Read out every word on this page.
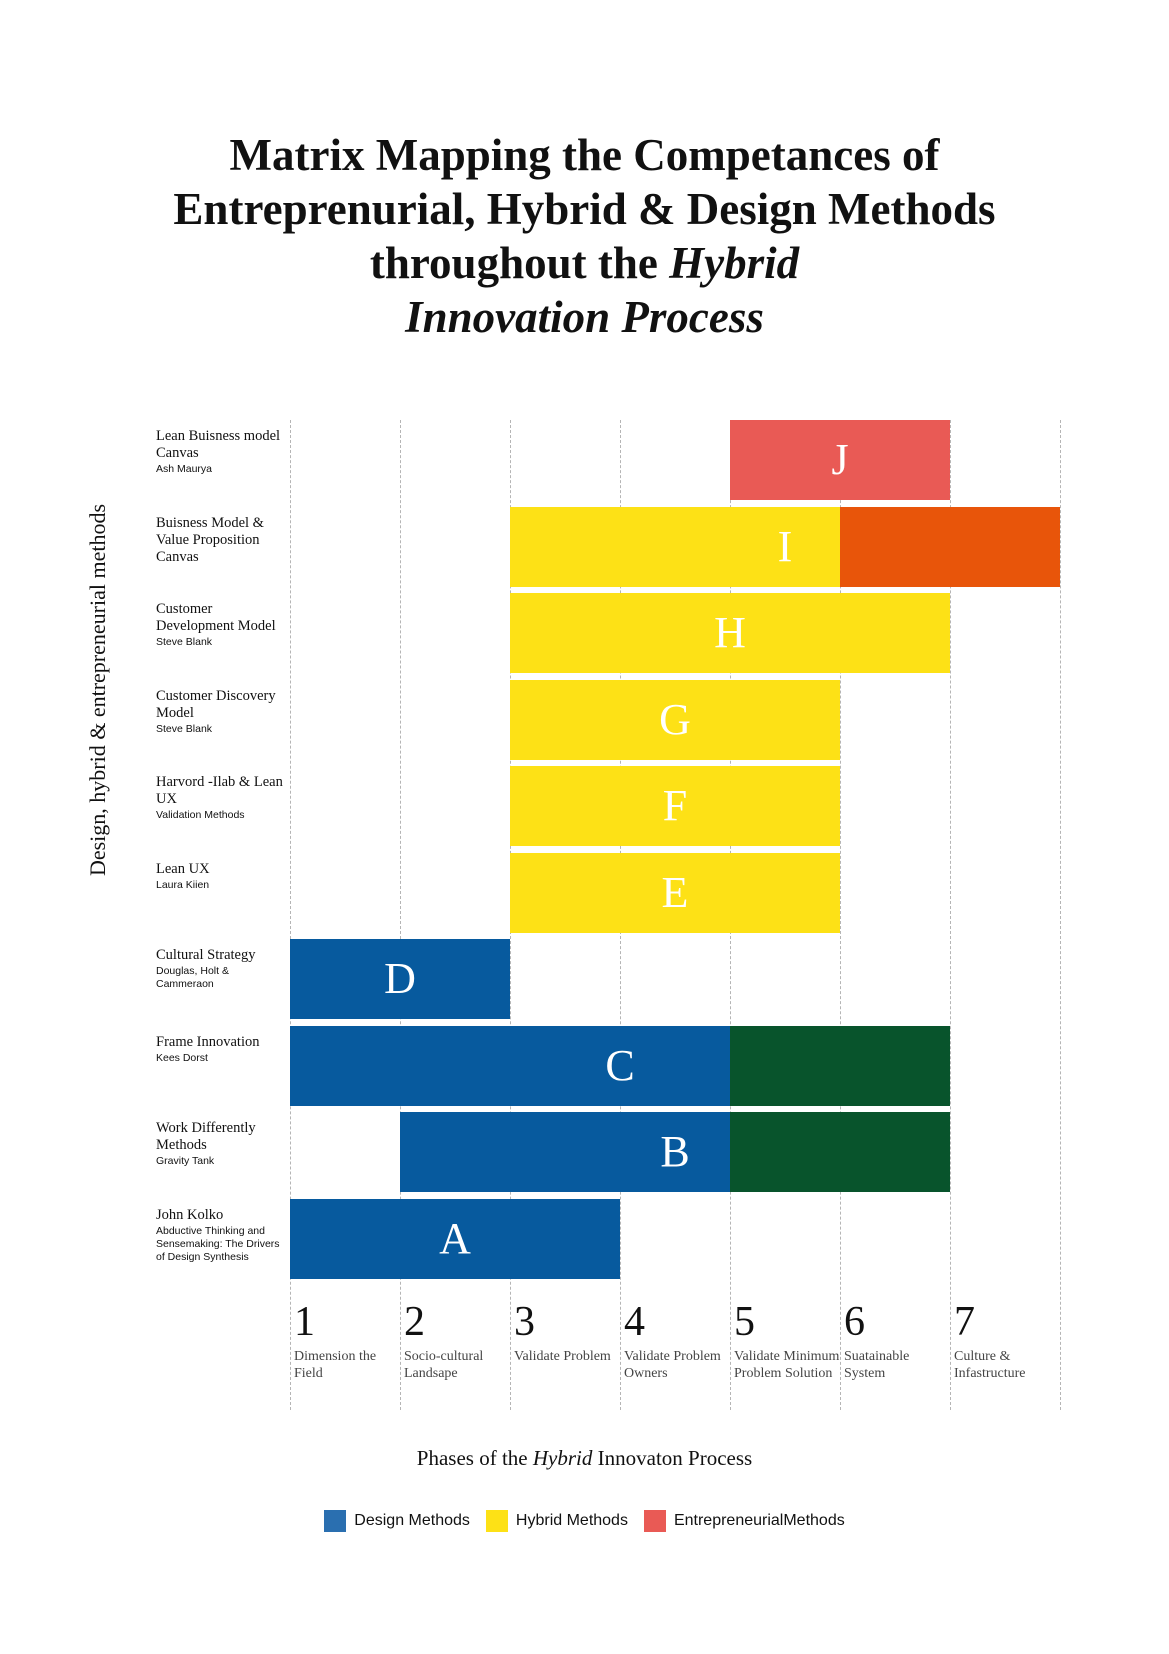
Matrix Mapping the Competances of
Entreprenurial, Hybrid & Design Methods
throughout the Hybrid
Innovation Process
Design, hybrid & entrepreneurial methods
Lean Buisness model Canvas
Ash Maurya	J
Buisness Model & Value Proposition Canvas	I
Customer Development Model
Steve Blank	H
Customer Discovery Model
Steve Blank	G
Harvord -Ilab & Lean UX
Validation Methods	F
Lean UX
Laura Kiien	E
Cultural Strategy
Douglas, Holt & Cammeraon	D
Frame Innovation
Kees Dorst	C
Work Differently Methods
Gravity Tank	B
John Kolko
Abductive Thinking and Sensemaking: The Drivers of Design Synthesis	A
1
Dimension the Field
2
Socio-cultural Landsape
3
Validate Problem
4
Validate Problem Owners
5
Validate Minimum Problem Solution
6
Suatainable System
7
Culture & Infastructure
Phases of the Hybrid Innovaton Process
Design Methods	Hybrid Methods	EntrepreneurialMethods
